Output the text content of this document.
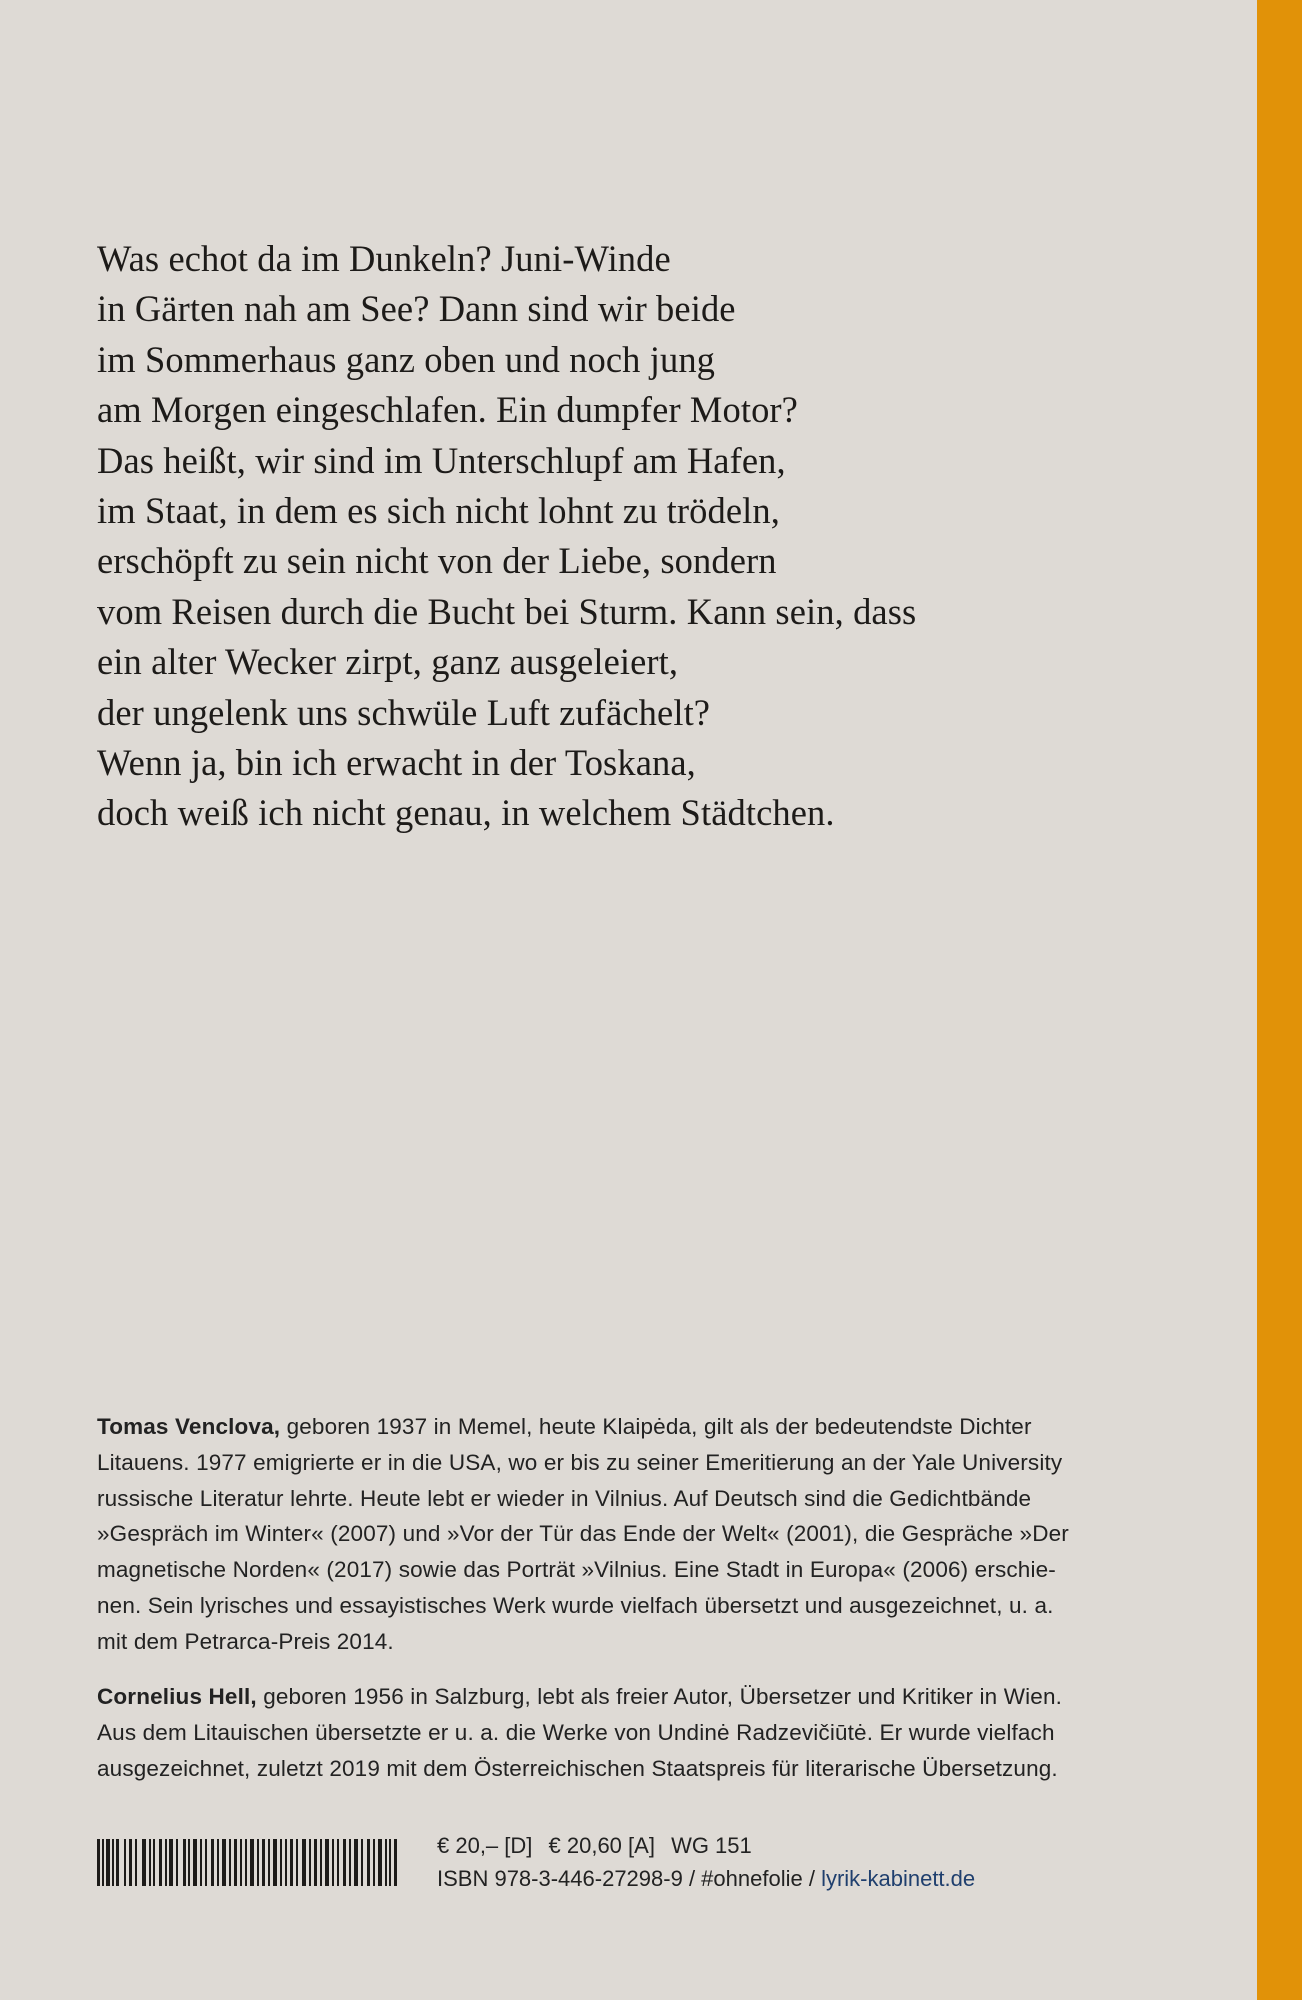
Was echot da im Dunkeln? Juni-Winde
in Gärten nah am See? Dann sind wir beide
im Sommerhaus ganz oben und noch jung
am Morgen eingeschlafen. Ein dumpfer Motor?
Das heißt, wir sind im Unterschlupf am Hafen,
im Staat, in dem es sich nicht lohnt zu trödeln,
erschöpft zu sein nicht von der Liebe, sondern
vom Reisen durch die Bucht bei Sturm. Kann sein, dass
ein alter Wecker zirpt, ganz ausgeleiert,
der ungelenk uns schwüle Luft zufächelt?
Wenn ja, bin ich erwacht in der Toskana,
doch weiß ich nicht genau, in welchem Städtchen.
Tomas Venclova, geboren 1937 in Memel, heute Klaipėda, gilt als der bedeutendste Dichter
Litauens. 1977 emigrierte er in die USA, wo er bis zu seiner Emeritierung an der Yale University
russische Literatur lehrte. Heute lebt er wieder in Vilnius. Auf Deutsch sind die Gedichtbände
»Gespräch im Winter« (2007) und »Vor der Tür das Ende der Welt« (2001), die Gespräche »Der
magnetische Norden« (2017) sowie das Porträt »Vilnius. Eine Stadt in Europa« (2006) erschie-
nen. Sein lyrisches und essayistisches Werk wurde vielfach übersetzt und ausgezeichnet, u. a.
mit dem Petrarca-Preis 2014.
Cornelius Hell, geboren 1956 in Salzburg, lebt als freier Autor, Übersetzer und Kritiker in Wien.
Aus dem Litauischen übersetzte er u. a. die Werke von Undinė Radzevičiūtė. Er wurde vielfach
ausgezeichnet, zuletzt 2019 mit dem Österreichischen Staatspreis für literarische Übersetzung.
€ 20,– [D] € 20,60 [A] WG 151
ISBN 978-3-446-27298-9 / #ohnefolie / lyrik-kabinett.de
